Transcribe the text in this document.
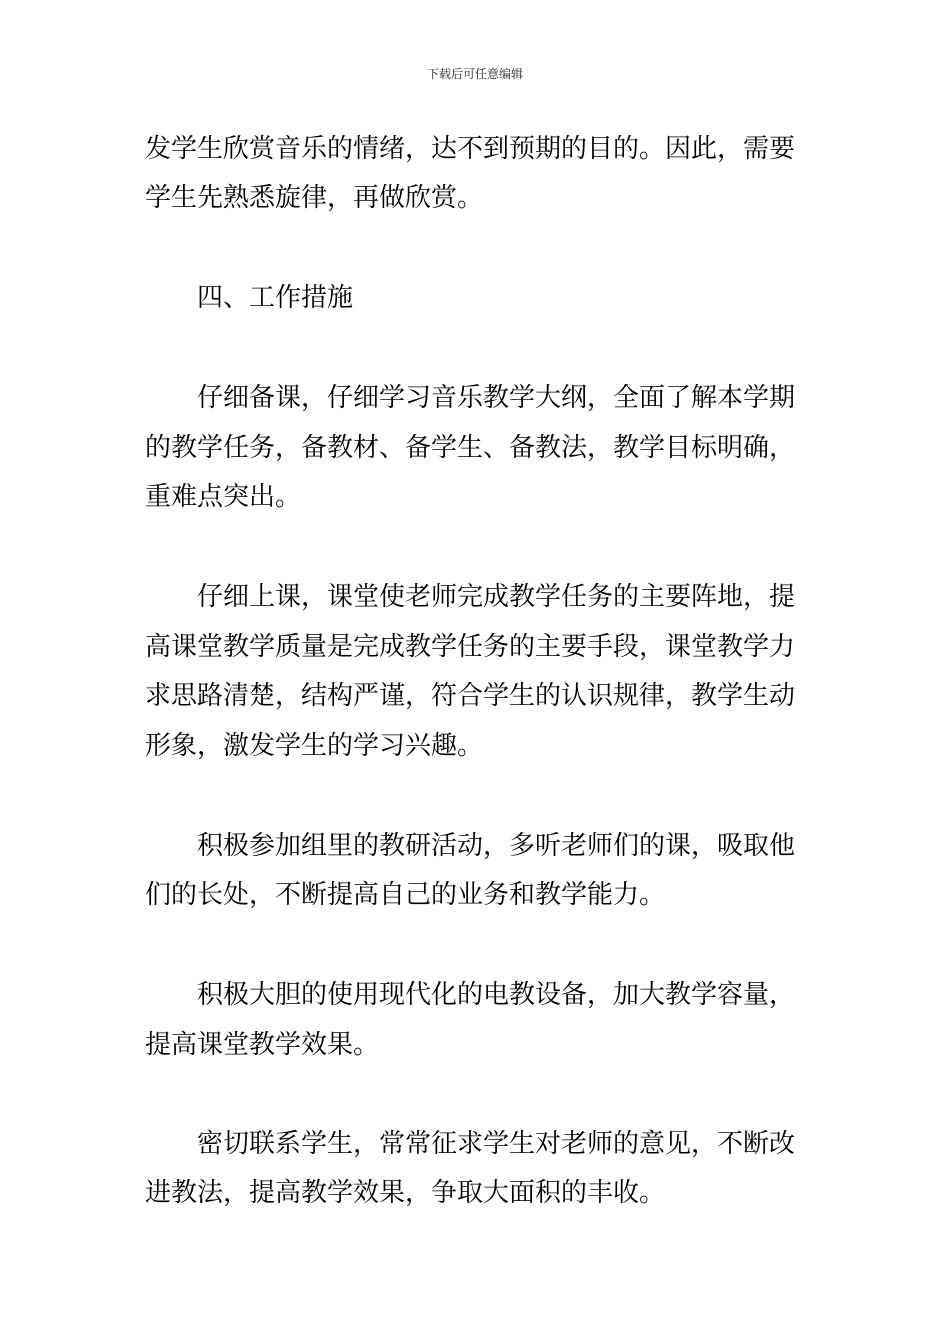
下载后可任意编辑
发学生欣赏音乐的情绪，达不到预期的目的。因此，需要
学生先熟悉旋律，再做欣赏。
四、工作措施
仔细备课，仔细学习音乐教学大纲，全面了解本学期
的教学任务，备教材、备学生、备教法，教学目标明确，
重难点突出。
仔细上课，课堂使老师完成教学任务的主要阵地，提
高课堂教学质量是完成教学任务的主要手段，课堂教学力
求思路清楚，结构严谨，符合学生的认识规律，教学生动
形象，激发学生的学习兴趣。
积极参加组里的教研活动，多听老师们的课，吸取他
们的长处，不断提高自己的业务和教学能力。
积极大胆的使用现代化的电教设备，加大教学容量，
提高课堂教学效果。
密切联系学生，常常征求学生对老师的意见，不断改
进教法，提高教学效果，争取大面积的丰收。
